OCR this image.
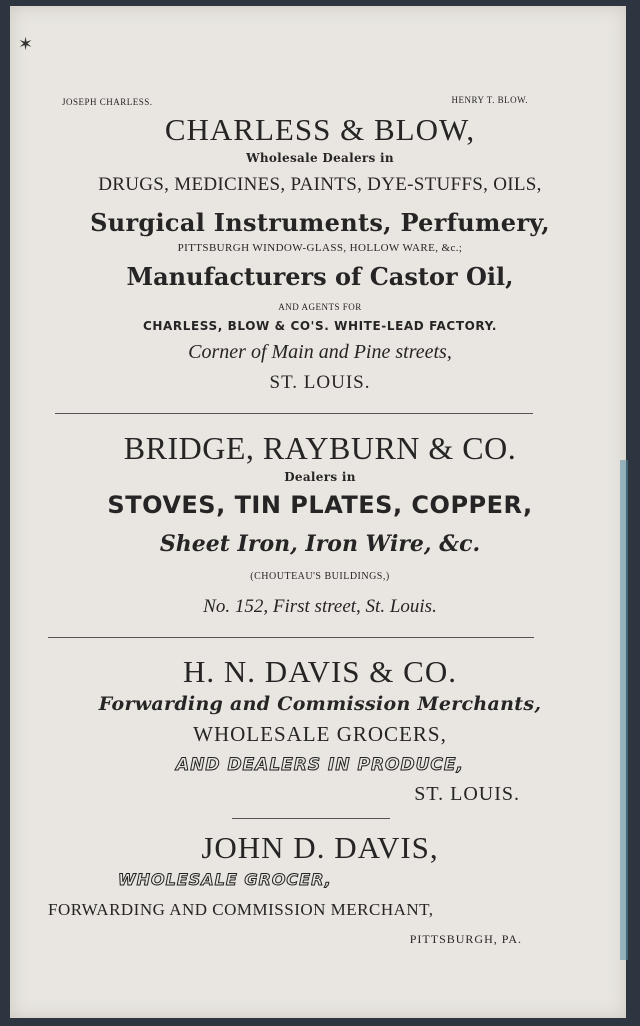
✶
JOSEPH CHARLESS.	HENRY T. BLOW.
CHARLESS & BLOW,
Wholesale Dealers in
DRUGS, MEDICINES, PAINTS, DYE-STUFFS, OILS,
Surgical Instruments, Perfumery,
PITTSBURGH WINDOW-GLASS, HOLLOW WARE, &c.;
Manufacturers of Castor Oil,
AND AGENTS FOR
CHARLESS, BLOW & CO'S. WHITE-LEAD FACTORY.
Corner of Main and Pine streets,
ST. LOUIS.
BRIDGE, RAYBURN & CO.
Dealers in
STOVES, TIN PLATES, COPPER,
Sheet Iron, Iron Wire, &c.
(CHOUTEAU'S BUILDINGS,)
No. 152, First street, St. Louis.
H. N. DAVIS & CO.
Forwarding and Commission Merchants,
WHOLESALE GROCERS,
AND DEALERS IN PRODUCE,
ST. LOUIS.
JOHN D. DAVIS,
WHOLESALE GROCER,
FORWARDING AND COMMISSION MERCHANT,
PITTSBURGH, PA.
